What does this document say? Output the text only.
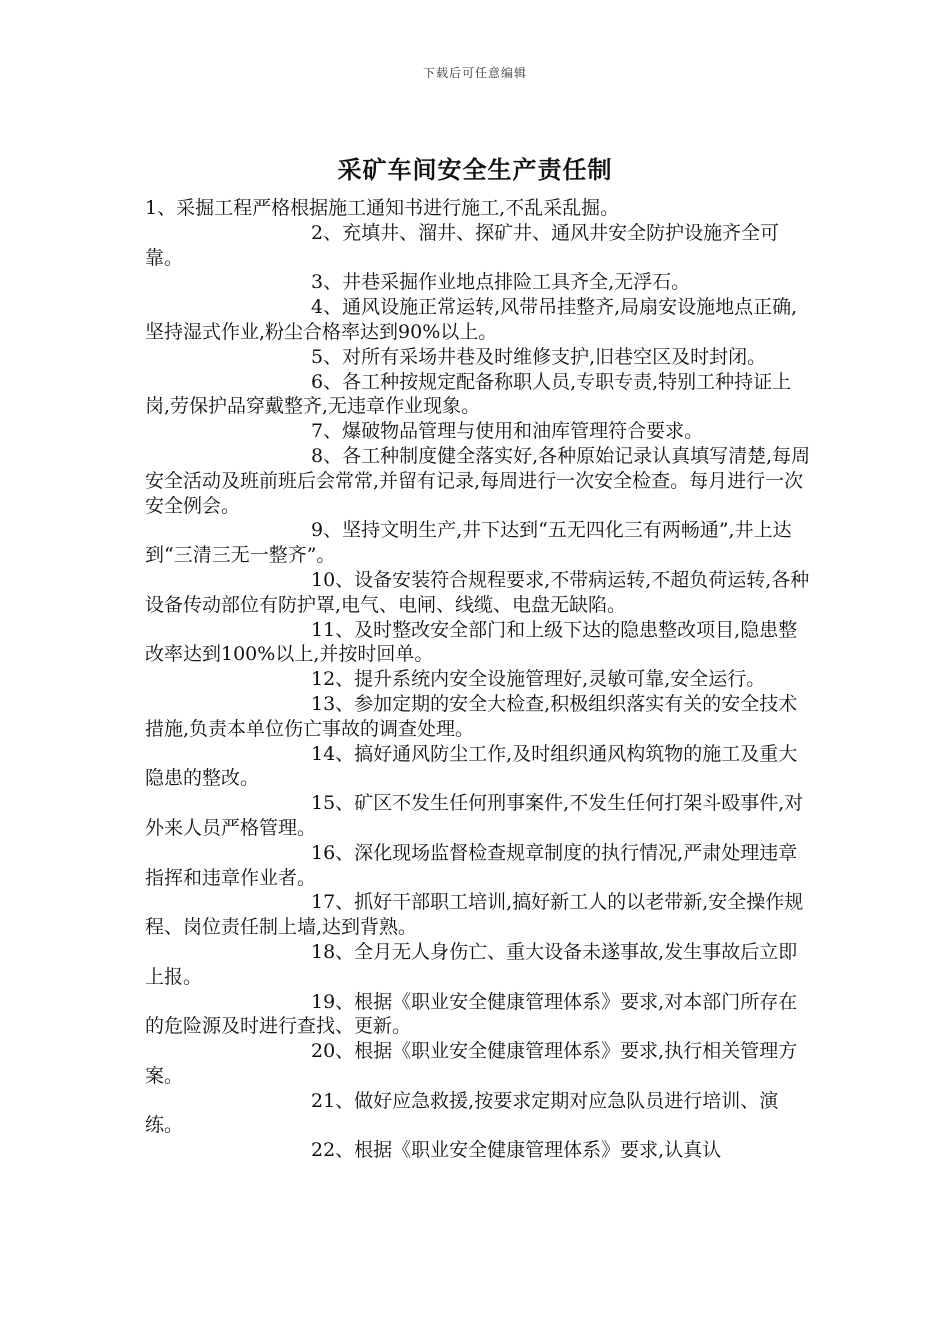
下载后可任意编辑
采矿车间安全生产责任制

1、采掘工程严格根据施工通知书进行施工,不乱采乱掘。

2、充填井、溜井、探矿井、通风井安全防护设施齐全可靠。

3、井巷采掘作业地点排险工具齐全,无浮石。

4、通风设施正常运转,风带吊挂整齐,局扇安设施地点正确,坚持湿式作业,粉尘合格率达到90%以上。

5、对所有采场井巷及时维修支护,旧巷空区及时封闭。

6、各工种按规定配备称职人员,专职专责,特别工种持证上岗,劳保护品穿戴整齐,无违章作业现象。

7、爆破物品管理与使用和油库管理符合要求。

8、各工种制度健全落实好,各种原始记录认真填写清楚,每周安全活动及班前班后会常常,并留有记录,每周进行一次安全检查。每月进行一次安全例会。

9、坚持文明生产,井下达到“五无四化三有两畅通”,井上达到“三清三无一整齐”。

10、设备安装符合规程要求,不带病运转,不超负荷运转,各种设备传动部位有防护罩,电气、电闸、线缆、电盘无缺陷。

11、及时整改安全部门和上级下达的隐患整改项目,隐患整改率达到100%以上,并按时回单。

12、提升系统内安全设施管理好,灵敏可靠,安全运行。

13、参加定期的安全大检查,积极组织落实有关的安全技术措施,负责本单位伤亡事故的调查处理。

14、搞好通风防尘工作,及时组织通风构筑物的施工及重大隐患的整改。

15、矿区不发生任何刑事案件,不发生任何打架斗殴事件,对外来人员严格管理。

16、深化现场监督检查规章制度的执行情况,严肃处理违章指挥和违章作业者。

17、抓好干部职工培训,搞好新工人的以老带新,安全操作规程、岗位责任制上墙,达到背熟。

18、全月无人身伤亡、重大设备未遂事故,发生事故后立即上报。

19、根据《职业安全健康管理体系》要求,对本部门所存在的危险源及时进行查找、更新。

20、根据《职业安全健康管理体系》要求,执行相关管理方案。

21、做好应急救援,按要求定期对应急队员进行培训、演练。

22、根据《职业安全健康管理体系》要求,认真认
